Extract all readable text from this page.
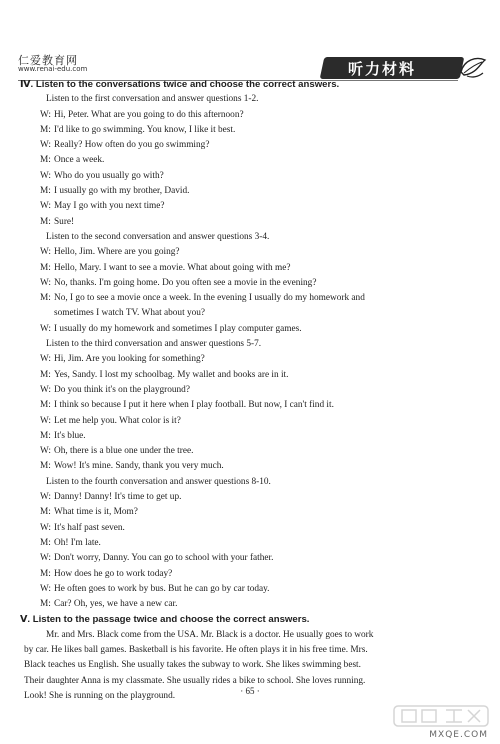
仁爱教育网
www.renai-edu.com	听力材料
Ⅳ. Listen to the conversations twice and choose the correct answers.
Listen to the first conversation and answer questions 1-2.
W: Hi, Peter. What are you going to do this afternoon?
M: I'd like to go swimming. You know, I like it best.
W: Really? How often do you go swimming?
M: Once a week.
W: Who do you usually go with?
M: I usually go with my brother, David.
W: May I go with you next time?
M: Sure!
Listen to the second conversation and answer questions 3-4.
W: Hello, Jim. Where are you going?
M: Hello, Mary. I want to see a movie. What about going with me?
W: No, thanks. I'm going home. Do you often see a movie in the evening?
M: No, I go to see a movie once a week. In the evening I usually do my homework and
sometimes I watch TV. What about you?
W: I usually do my homework and sometimes I play computer games.
Listen to the third conversation and answer questions 5-7.
W: Hi, Jim. Are you looking for something?
M: Yes, Sandy. I lost my schoolbag. My wallet and books are in it.
W: Do you think it's on the playground?
M: I think so because I put it here when I play football. But now, I can't find it.
W: Let me help you. What color is it?
M: It's blue.
W: Oh, there is a blue one under the tree.
M: Wow! It's mine. Sandy, thank you very much.
Listen to the fourth conversation and answer questions 8-10.
W: Danny! Danny! It's time to get up.
M: What time is it, Mom?
W: It's half past seven.
M: Oh! I'm late.
W: Don't worry, Danny. You can go to school with your father.
M: How does he go to work today?
W: He often goes to work by bus. But he can go by car today.
M: Car? Oh, yes, we have a new car.
Ⅴ. Listen to the passage twice and choose the correct answers.
Mr. and Mrs. Black come from the USA. Mr. Black is a doctor. He usually goes to work
by car. He likes ball games. Basketball is his favorite. He often plays it in his free time. Mrs.
Black teaches us English. She usually takes the subway to work. She likes swimming best.
Their daughter Anna is my classmate. She usually rides a bike to school. She loves running.
Look! She is running on the playground.	· 65 ·
MXQE.COM
